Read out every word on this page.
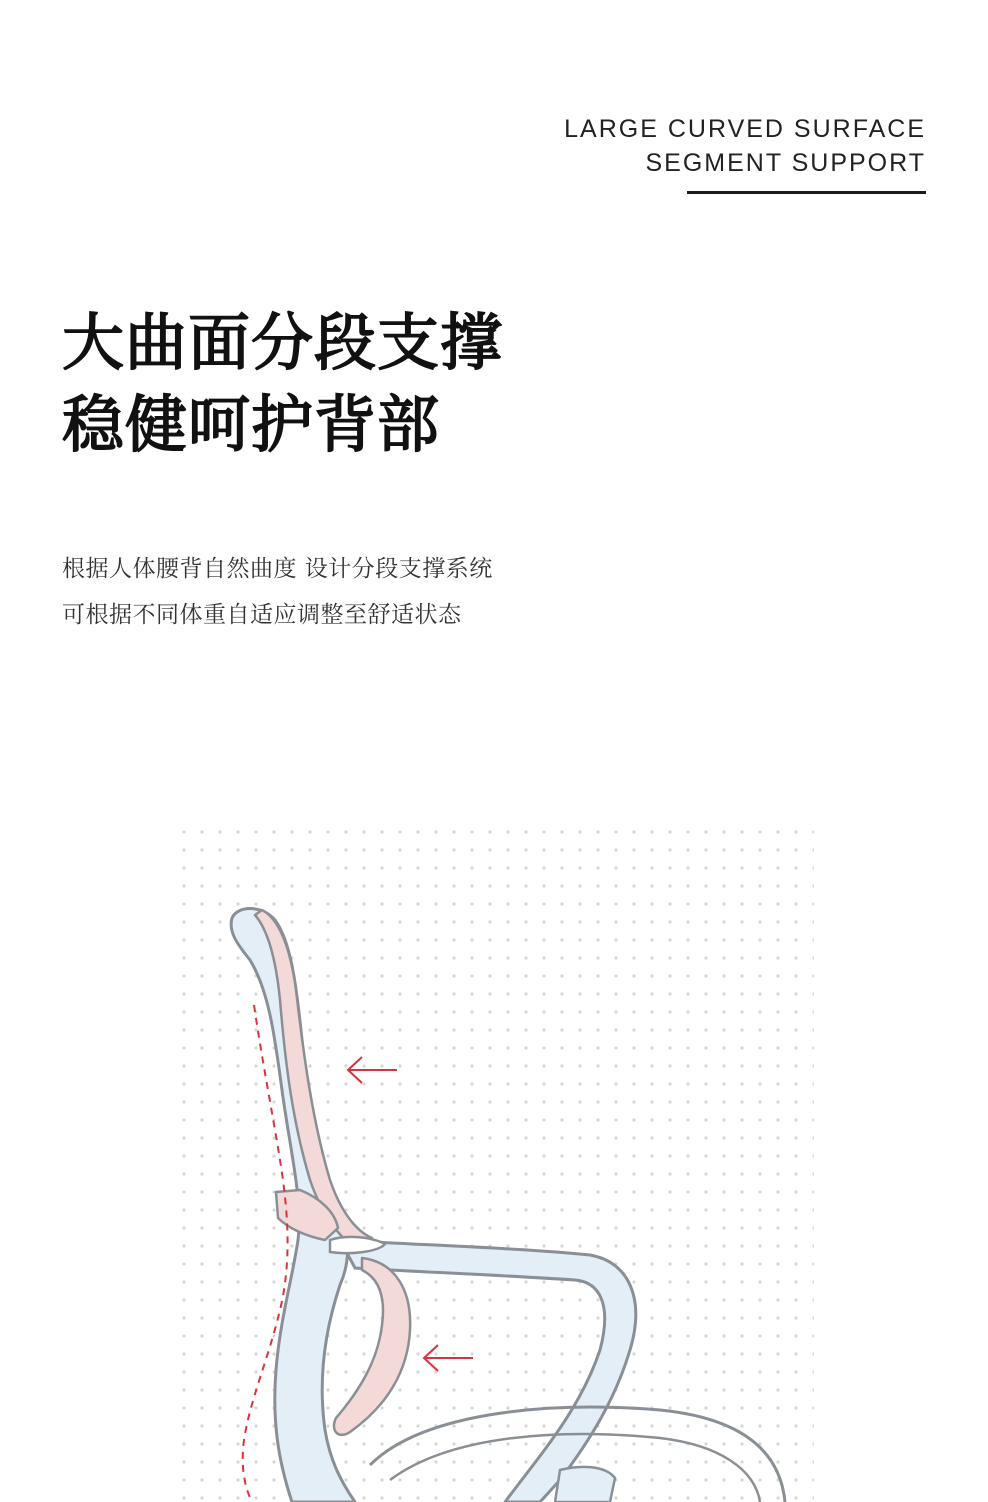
LARGE CURVED SURFACE
SEGMENT SUPPORT
大曲面分段支撑
稳健呵护背部
根据人体腰背自然曲度 设计分段支撑系统
可根据不同体重自适应调整至舒适状态
